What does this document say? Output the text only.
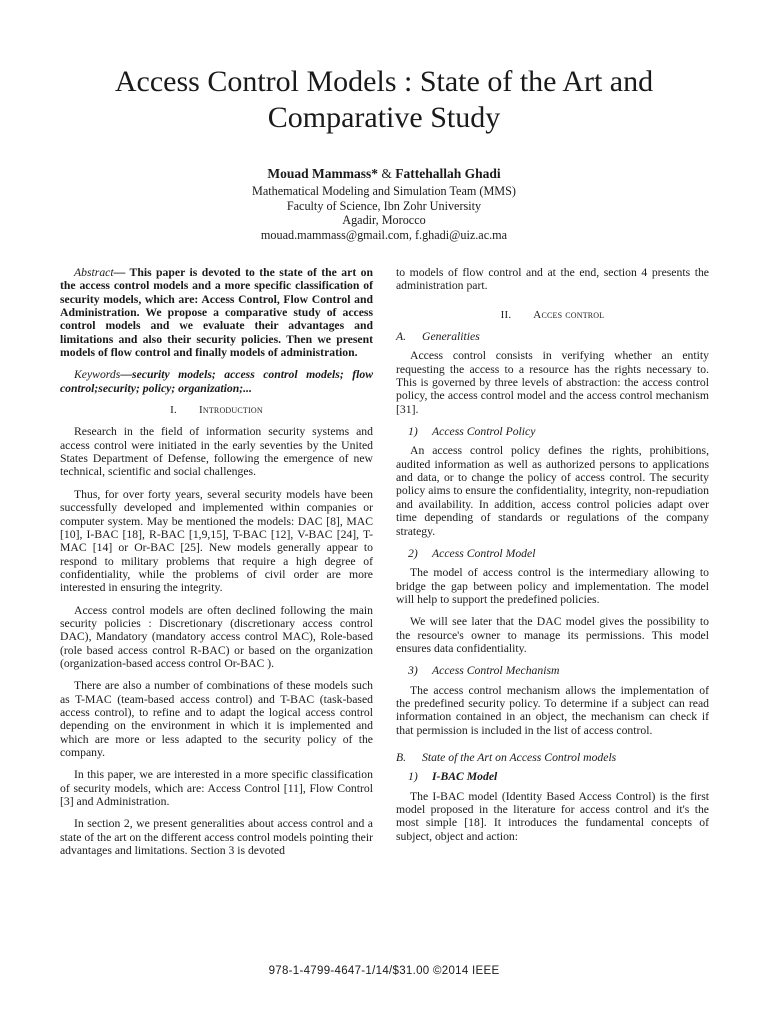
Access Control Models : State of the Art and
Comparative Study
Mouad Mammass* & Fattehallah Ghadi
Mathematical Modeling and Simulation Team (MMS)
Faculty of Science, Ibn Zohr University
Agadir, Morocco
mouad.mammass@gmail.com, f.ghadi@uiz.ac.ma

Abstract— This paper is devoted to the state of the art on the access control models and a more specific classification of security models, which are: Access Control, Flow Control and Administration. We propose a comparative study of access control models and we evaluate their advantages and limitations and also their security policies. Then we present models of flow control and finally models of administration.

Keywords—security models; access control models; flow control;security; policy; organization;...

I. Introduction

Research in the field of information security systems and access control were initiated in the early seventies by the United States Department of Defense, following the emergence of new technical, scientific and social challenges.

Thus, for over forty years, several security models have been successfully developed and implemented within companies or computer system. May be mentioned the models: DAC [8], MAC [10], I-BAC [18], R-BAC [1,9,15], T-BAC [12], V-BAC [24], T-MAC [14] or Or-BAC [25]. New models generally appear to respond to military problems that require a high degree of confidentiality, while the problems of civil order are more interested in ensuring the integrity.

Access control models are often declined following the main security policies : Discretionary (discretionary access control DAC), Mandatory (mandatory access control MAC), Role-based (role based access control R-BAC) or based on the organization (organization-based access control Or-BAC ).

There are also a number of combinations of these models such as T-MAC (team-based access control) and T-BAC (task-based access control), to refine and to adapt the logical access control depending on the environment in which it is implemented and which are more or less adapted to the security policy of the company.

In this paper, we are interested in a more specific classification of security models, which are: Access Control [11], Flow Control [3] and Administration.

In section 2, we present generalities about access control and a state of the art on the different access control models pointing their advantages and limitations. Section 3 is devoted

to models of flow control and at the end, section 4 presents the administration part.

II. Acces control
A. Generalities

Access control consists in verifying whether an entity requesting the access to a resource has the rights necessary to. This is governed by three levels of abstraction: the access control policy, the access control model and the access control mechanism [31].

1) Access Control Policy

An access control policy defines the rights, prohibitions, audited information as well as authorized persons to applications and data, or to change the policy of access control. The security policy aims to ensure the confidentiality, integrity, non-repudiation and availability. In addition, access control policies adapt over time depending of standards or regulations of the company strategy.

2) Access Control Model

The model of access control is the intermediary allowing to bridge the gap between policy and implementation. The model will help to support the predefined policies.

We will see later that the DAC model gives the possibility to the resource's owner to manage its permissions. This model ensures data confidentiality.

3) Access Control Mechanism

The access control mechanism allows the implementation of the predefined security policy. To determine if a subject can read information contained in an object, the mechanism can check if that permission is included in the list of access control.

B. State of the Art on Access Control models
1) I-BAC Model

The I-BAC model (Identity Based Access Control) is the first model proposed in the literature for access control and it's the most simple [18]. It introduces the fundamental concepts of subject, object and action:

978-1-4799-4647-1/14/$31.00 ©2014 IEEE
